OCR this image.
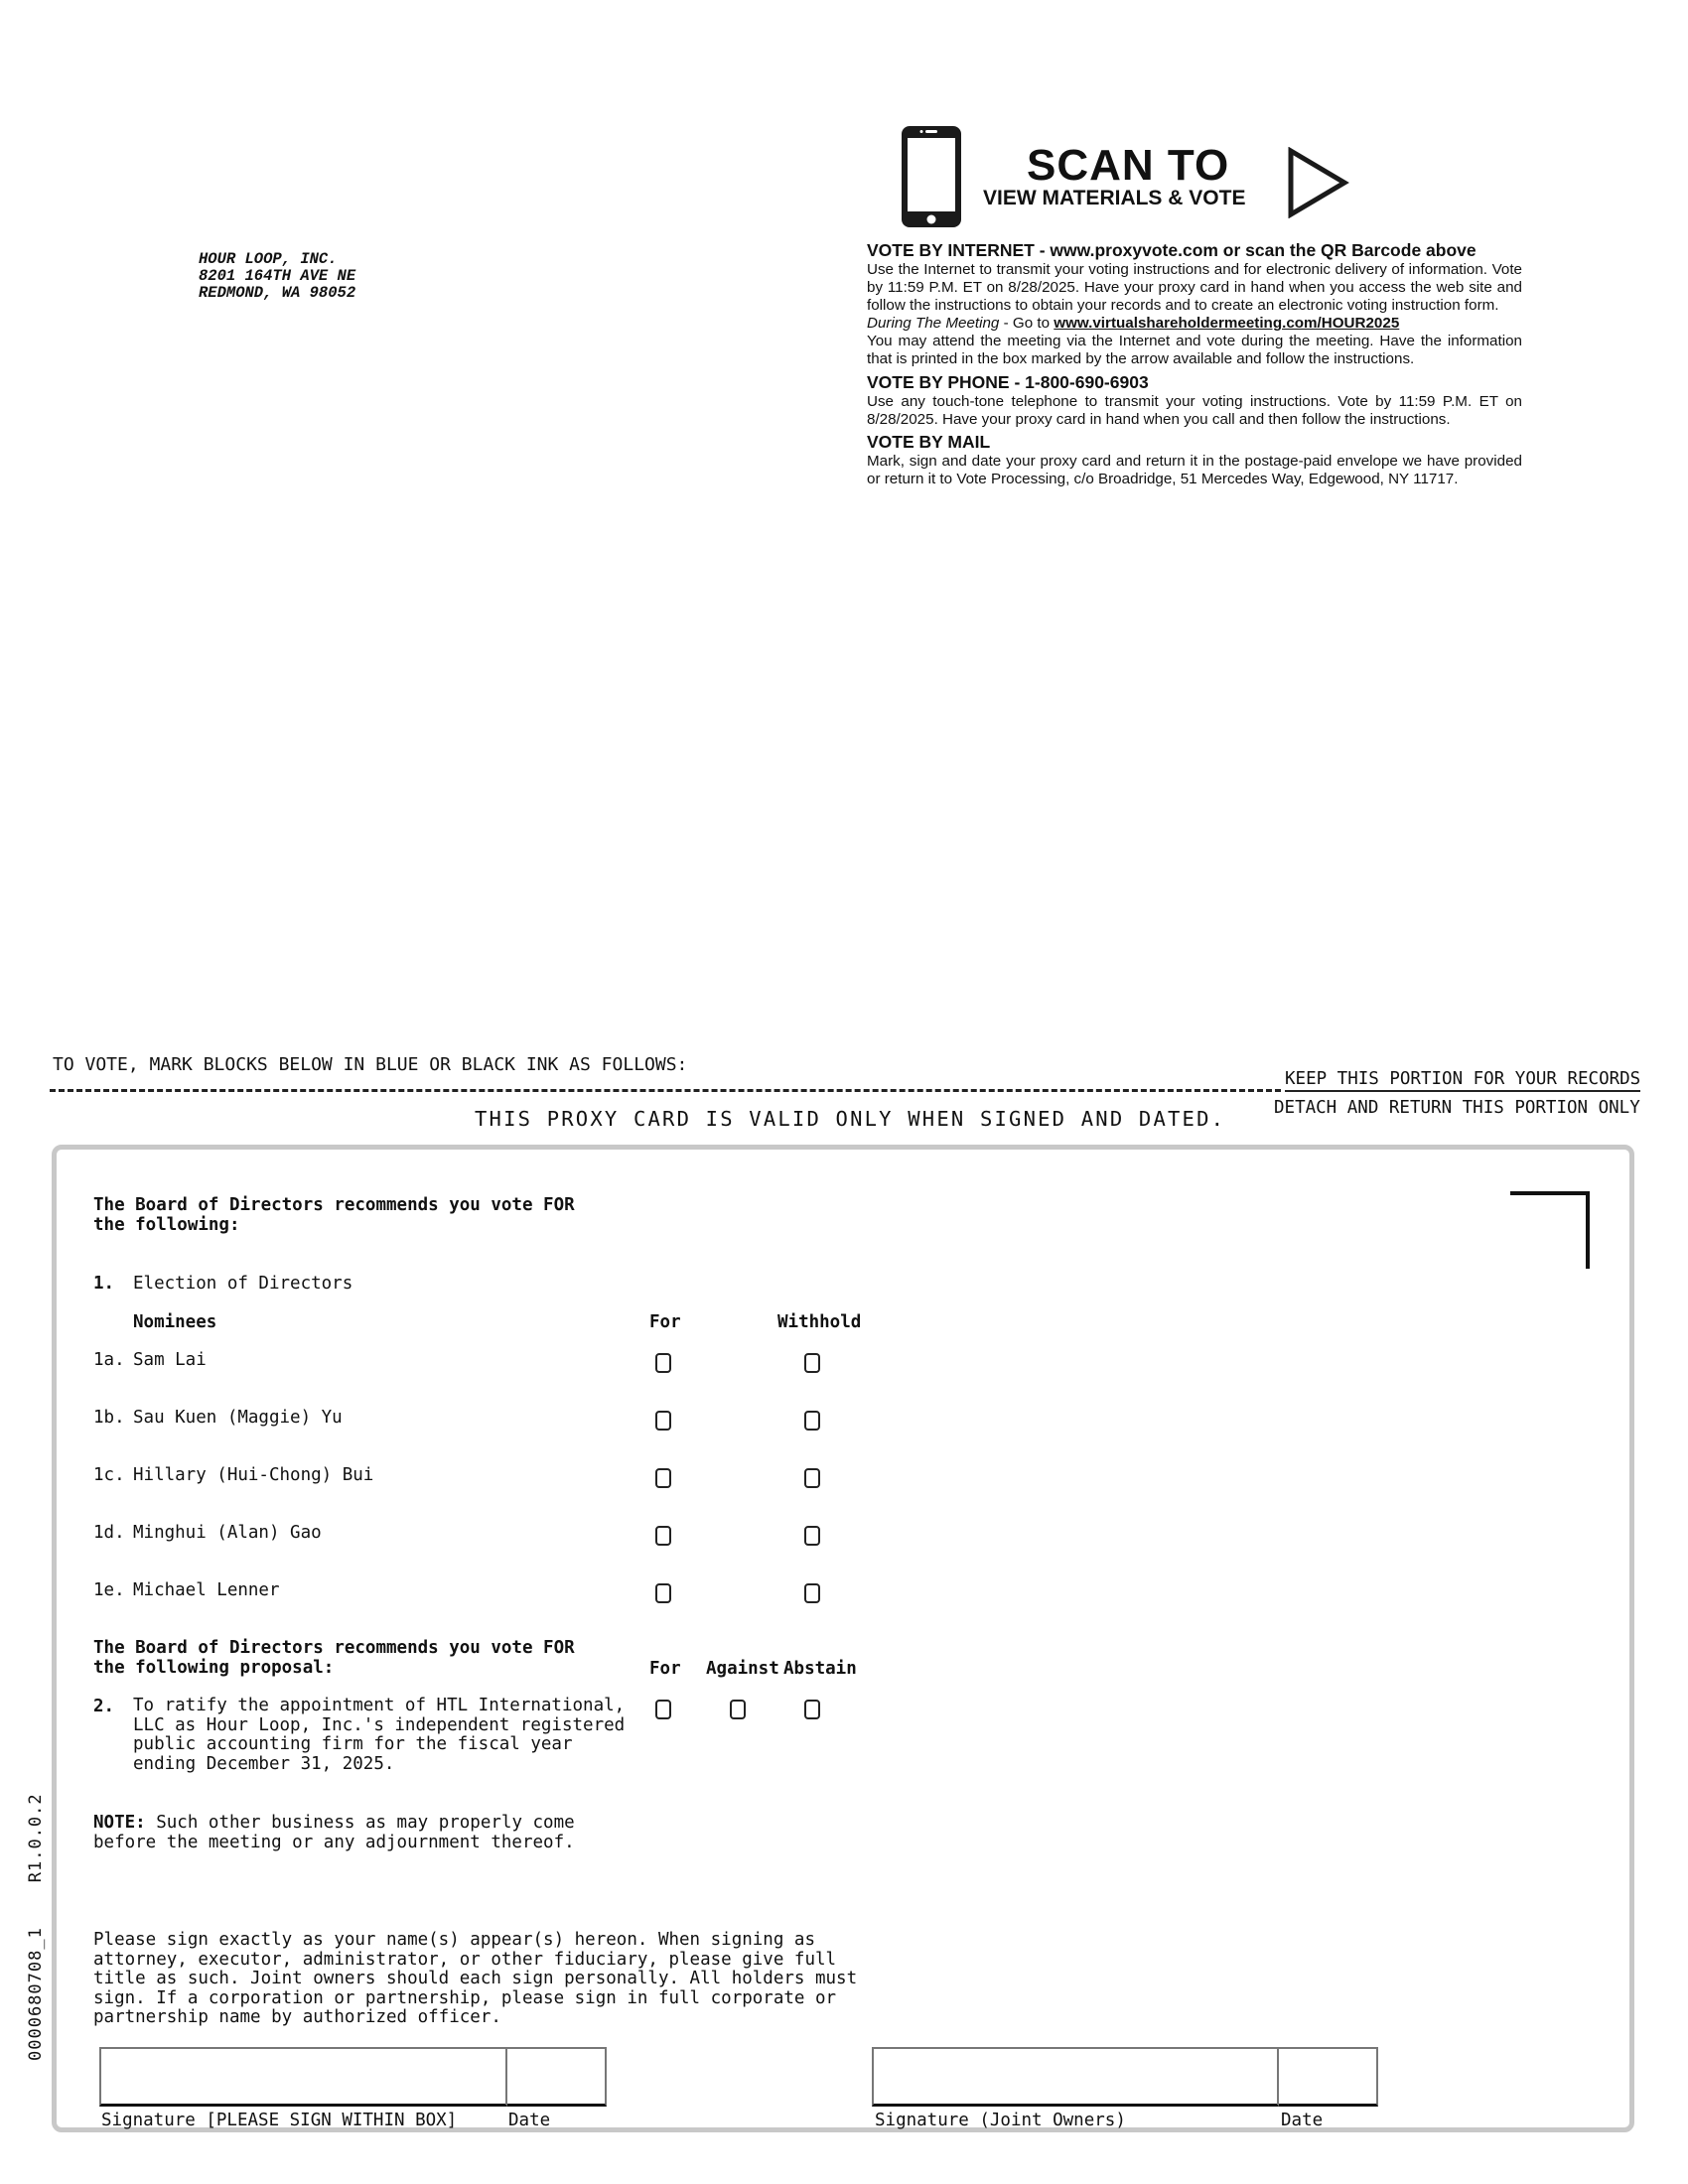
SCAN TO
VIEW MATERIALS & VOTE
HOUR LOOP, INC.
8201 164TH AVE NE
REDMOND, WA 98052
VOTE BY INTERNET - www.proxyvote.com or scan the QR Barcode above

Use the Internet to transmit your voting instructions and for electronic delivery of information. Vote by 11:59 P.M. ET on 8/28/2025. Have your proxy card in hand when you access the web site and follow the instructions to obtain your records and to create an electronic voting instruction form.

During The Meeting - Go to www.virtualshareholdermeeting.com/HOUR2025

You may attend the meeting via the Internet and vote during the meeting. Have the information that is printed in the box marked by the arrow available and follow the instructions.

VOTE BY PHONE - 1-800-690-6903

Use any touch-tone telephone to transmit your voting instructions. Vote by 11:59 P.M. ET on 8/28/2025. Have your proxy card in hand when you call and then follow the instructions.

VOTE BY MAIL

Mark, sign and date your proxy card and return it in the postage-paid envelope we have provided or return it to Vote Processing, c/o Broadridge, 51 Mercedes Way, Edgewood, NY 11717.

TO VOTE, MARK BLOCKS BELOW IN BLUE OR BLACK INK AS FOLLOWS:
KEEP THIS PORTION FOR YOUR RECORDS
DETACH AND RETURN THIS PORTION ONLY
THIS PROXY CARD IS VALID ONLY WHEN SIGNED AND DATED.
The Board of Directors recommends you vote FOR
the following:
1. Election of Directors
Nominees	For	Withhold
1a. Sam Lai
1b. Sau Kuen (Maggie) Yu
1c. Hillary (Hui-Chong) Bui
1d. Minghui (Alan) Gao
1e. Michael Lenner
The Board of Directors recommends you vote FOR
the following proposal:	For Against Abstain
2. To ratify the appointment of HTL International,
LLC as Hour Loop, Inc.'s independent registered
public accounting firm for the fiscal year
ending December 31, 2025.
NOTE: Such other business as may properly come
before the meeting or any adjournment thereof.
Please sign exactly as your name(s) appear(s) hereon. When signing as
attorney, executor, administrator, or other fiduciary, please give full
title as such. Joint owners should each sign personally. All holders must
sign. If a corporation or partnership, please sign in full corporate or
partnership name by authorized officer.
Signature [PLEASE SIGN WITHIN BOX]	Date	Signature (Joint Owners)	Date
0000680708_1    R1.0.0.2
